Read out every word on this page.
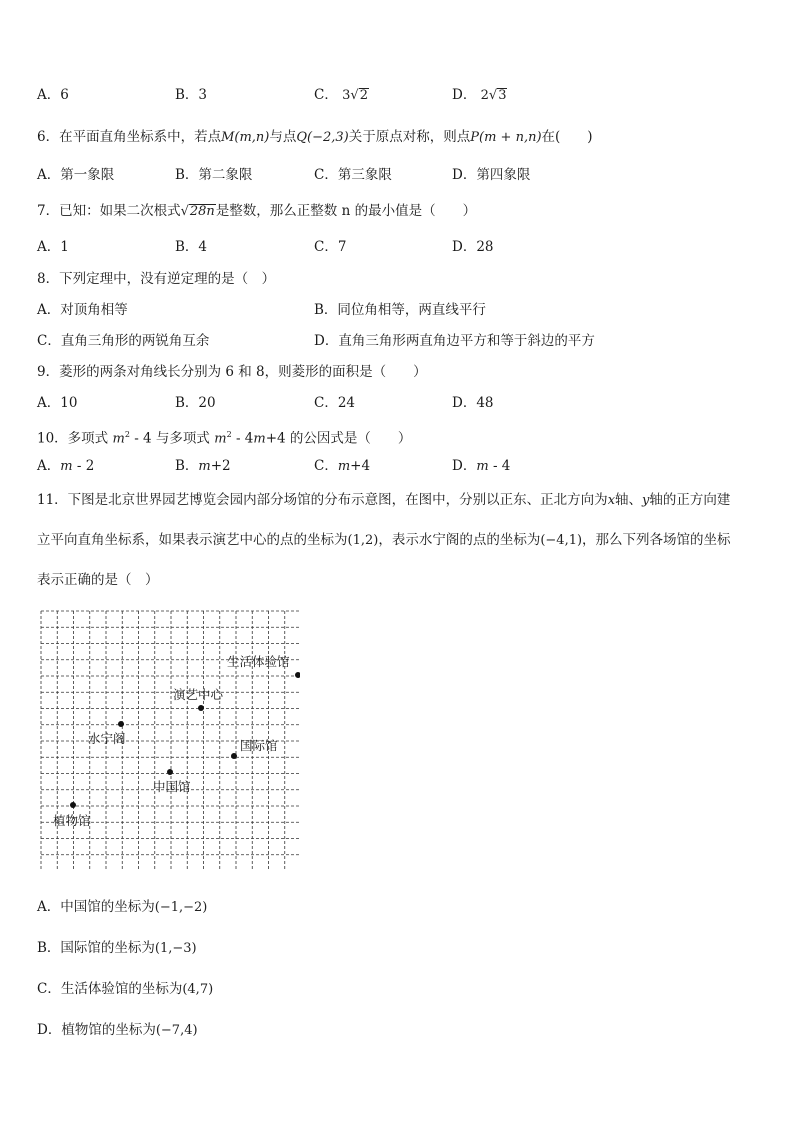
A．6	B．3	C． 3√2	D． 2√3
6．在平面直角坐标系中，若点M(m,n)与点Q(−2,3)关于原点对称，则点P(m + n,n)在(　　)
A．第一象限	B．第二象限	C．第三象限	D．第四象限
7．已知：如果二次根式√28n是整数，那么正整数 n 的最小值是（　　）
A．1	B．4	C．7	D．28
8．下列定理中，没有逆定理的是（　）
A．对顶角相等	B．同位角相等，两直线平行
C．直角三角形的两锐角互余	D．直角三角形两直角边平方和等于斜边的平方
9．菱形的两条对角线长分别为 6 和 8，则菱形的面积是（　　）
A．10	B．20	C．24	D．48
10．多项式 $m^2 - 4$ 与多项式 $m^2 - 4m+4$ 的公因式是（　　）
A．m - 2	B．m+2	C．m+4	D．m - 4
11．下图是北京世界园艺博览会园内部分场馆的分布示意图，在图中，分别以正东、正北方向为x轴、y轴的正方向建
立平向直角坐标系，如果表示演艺中心的点的坐标为(1,2)，表示水宁阁的点的坐标为(−4,1)，那么下列各场馆的坐标
表示正确的是（　）
生活体验馆
演艺中心
水宁阁	国际馆
中国馆
植物馆
A．中国馆的坐标为(−1,−2)
B．国际馆的坐标为(1,−3)
C．生活体验馆的坐标为(4,7)
D．植物馆的坐标为(−7,4)
